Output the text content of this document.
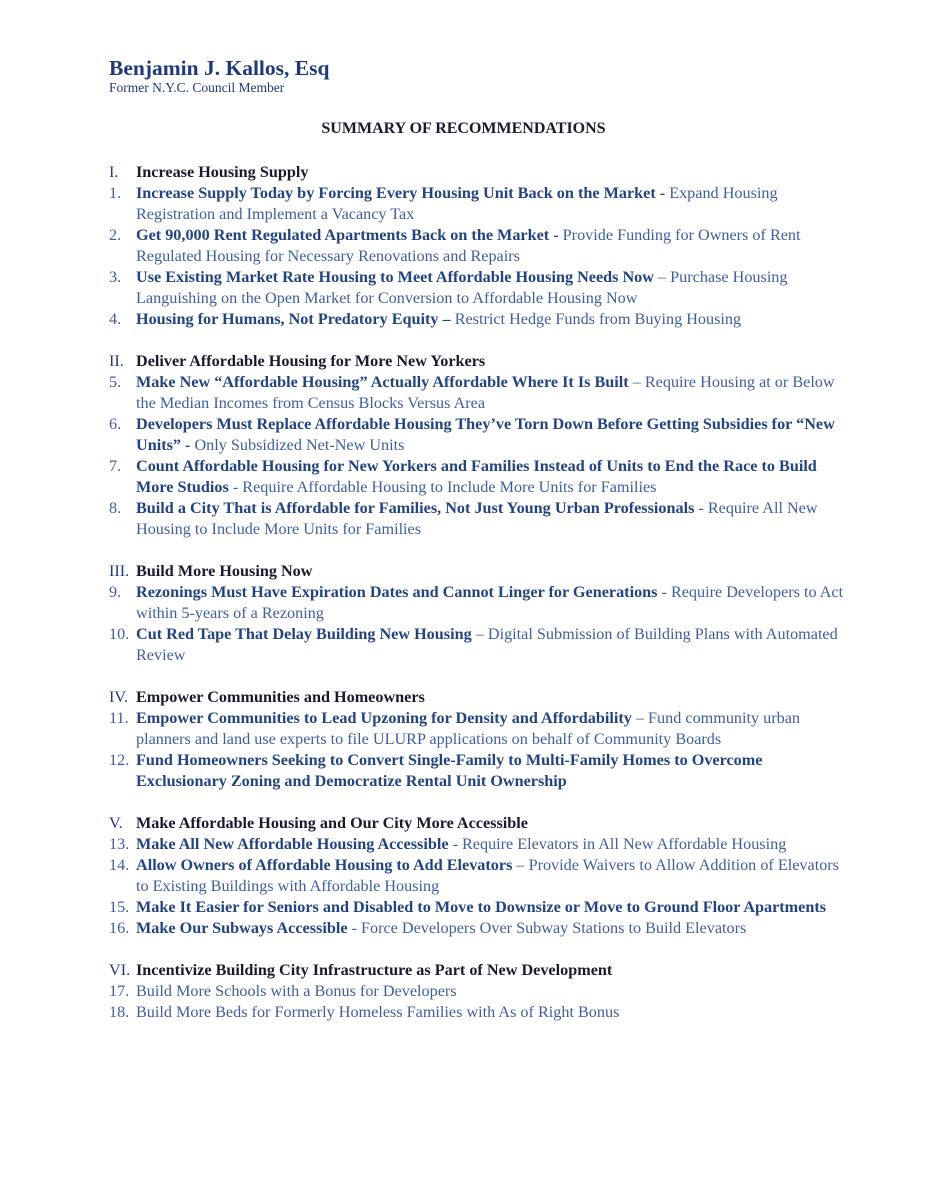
Benjamin J. Kallos, Esq
Former N.Y.C. Council Member
SUMMARY OF RECOMMENDATIONS
I.	Increase Housing Supply
1. Increase Supply Today by Forcing Every Housing Unit Back on the Market - Expand Housing Registration and Implement a Vacancy Tax
2. Get 90,000 Rent Regulated Apartments Back on the Market - Provide Funding for Owners of Rent Regulated Housing for Necessary Renovations and Repairs
3. Use Existing Market Rate Housing to Meet Affordable Housing Needs Now – Purchase Housing Languishing on the Open Market for Conversion to Affordable Housing Now
4. Housing for Humans, Not Predatory Equity – Restrict Hedge Funds from Buying Housing
II. Deliver Affordable Housing for More New Yorkers
5. Make New “Affordable Housing” Actually Affordable Where It Is Built – Require Housing at or Below the Median Incomes from Census Blocks Versus Area
6. Developers Must Replace Affordable Housing They’ve Torn Down Before Getting Subsidies for “New Units” - Only Subsidized Net-New Units
7. Count Affordable Housing for New Yorkers and Families Instead of Units to End the Race to Build More Studios - Require Affordable Housing to Include More Units for Families
8. Build a City That is Affordable for Families, Not Just Young Urban Professionals - Require All New Housing to Include More Units for Families
III. Build More Housing Now
9. Rezonings Must Have Expiration Dates and Cannot Linger for Generations - Require Developers to Act within 5-years of a Rezoning
10. Cut Red Tape That Delay Building New Housing – Digital Submission of Building Plans with Automated Review
IV. Empower Communities and Homeowners
11. Empower Communities to Lead Upzoning for Density and Affordability – Fund community urban planners and land use experts to file ULURP applications on behalf of Community Boards
12. Fund Homeowners Seeking to Convert Single-Family to Multi-Family Homes to Overcome Exclusionary Zoning and Democratize Rental Unit Ownership
V. Make Affordable Housing and Our City More Accessible
13. Make All New Affordable Housing Accessible - Require Elevators in All New Affordable Housing
14. Allow Owners of Affordable Housing to Add Elevators – Provide Waivers to Allow Addition of Elevators to Existing Buildings with Affordable Housing
15. Make It Easier for Seniors and Disabled to Move to Downsize or Move to Ground Floor Apartments
16. Make Our Subways Accessible - Force Developers Over Subway Stations to Build Elevators
VI. Incentivize Building City Infrastructure as Part of New Development
17. Build More Schools with a Bonus for Developers
18. Build More Beds for Formerly Homeless Families with As of Right Bonus
